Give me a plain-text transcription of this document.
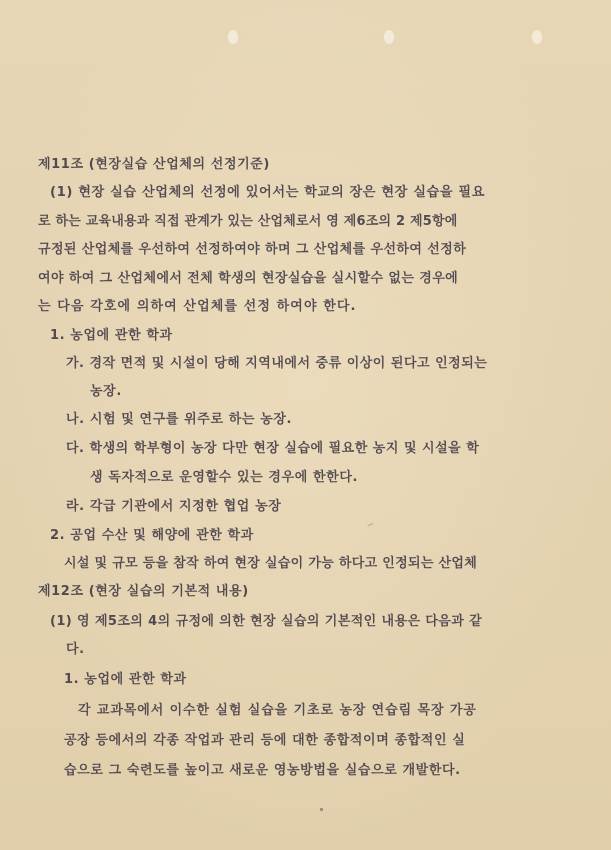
제11조 (현장실습 산업체의 선정기준)
(1) 현장 실습 산업체의 선정에 있어서는 학교의 장은 현장 실습을 필요
로 하는 교육내용과 직접 관계가 있는 산업체로서 영 제6조의 2 제5항에
규정된 산업체를 우선하여 선정하여야 하며 그 산업체를 우선하여 선정하
여야 하여 그 산업체에서 전체 학생의 현장실습을 실시할수 없는 경우에
는 다음 각호에 의하여 산업체를 선정 하여야 한다.
1. 농업에 관한 학과
가. 경작 면적 및 시설이 당해 지역내에서 중류 이상이 된다고 인정되는
농장.
나. 시험 및 연구를 위주로 하는 농장.
다. 학생의 학부형이 농장 다만 현장 실습에 필요한 농지 및 시설을 학
생 독자적으로 운영할수 있는 경우에 한한다.
라. 각급 기관에서 지정한 협업 농장
2. 공업 수산 및 해양에 관한 학과
시설 및 규모 등을 참작 하여 현장 실습이 가능 하다고 인정되는 산업체
제12조 (현장 실습의 기본적 내용)
(1) 영 제5조의 4의 규정에 의한 현장 실습의 기본적인 내용은 다음과 같
다.
1. 농업에 관한 학과
각 교과목에서 이수한 실험 실습을 기초로 농장 연습림 목장 가공
공장 등에서의 각종 작업과 관리 등에 대한 종합적이며 종합적인 실
습으로 그 숙련도를 높이고 새로운 영농방법을 실습으로 개발한다.
